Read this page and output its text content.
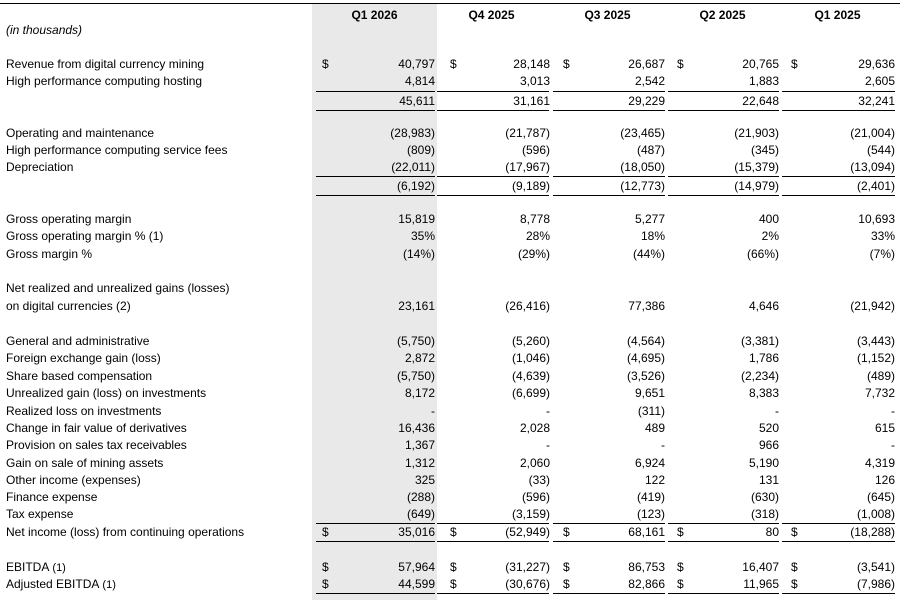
Q1 2026	Q4 2025	Q3 2025	Q2 2025	Q1 2025
(in thousands)
Revenue from digital currency mining	$	40,797 $	28,148 $	26,687 $	20,765 $	29,636
High performance computing hosting	4,814	3,013	2,542	1,883	2,605
45,611	31,161	29,229	22,648	32,241
Operating and maintenance	(28,983)	(21,787)	(23,465)	(21,903)	(21,004)
High performance computing service fees	(809)	(596)	(487)	(345)	(544)
Depreciation	(22,011)	(17,967)	(18,050)	(15,379)	(13,094)
(6,192)	(9,189)	(12,773)	(14,979)	(2,401)
Gross operating margin	15,819	8,778	5,277	400	10,693
Gross operating margin % (1)	35%	28%	18%	2%	33%
Gross margin %	(14%)	(29%)	(44%)	(66%)	(7%)
Net realized and unrealized gains (losses)
on digital currencies (2)	23,161	(26,416)	77,386	4,646	(21,942)
General and administrative	(5,750)	(5,260)	(4,564)	(3,381)	(3,443)
Foreign exchange gain (loss)	2,872	(1,046)	(4,695)	1,786	(1,152)
Share based compensation	(5,750)	(4,639)	(3,526)	(2,234)	(489)
Unrealized gain (loss) on investments	8,172	(6,699)	9,651	8,383	7,732
Realized loss on investments	-	-	(311)	-	-
Change in fair value of derivatives	16,436	2,028	489	520	615
Provision on sales tax receivables	1,367	-	-	966	-
Gain on sale of mining assets	1,312	2,060	6,924	5,190	4,319
Other income (expenses)	325	(33)	122	131	126
Finance expense	(288)	(596)	(419)	(630)	(645)
Tax expense	(649)	(3,159)	(123)	(318)	(1,008)
Net income (loss) from continuing operations	$	35,016 $	(52,949) $	68,161 $	80 $	(18,288)
EBITDA (1)	$	57,964 $	(31,227) $	86,753 $	16,407 $	(3,541)
Adjusted EBITDA (1)	$	44,599 $	(30,676) $	82,866 $	11,965 $	(7,986)
